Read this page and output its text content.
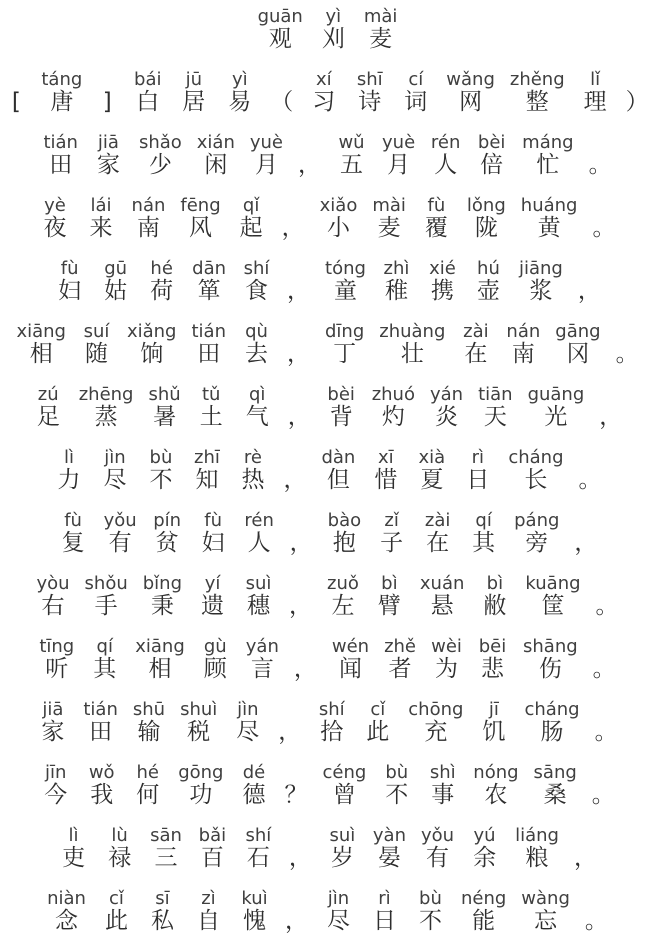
guān
观
yì
刈
mài
麦
[
táng
唐 ]
bái
白
jū
居
yì
易 （
xí
习
shī
诗
cí
词
wǎng
网
zhěng
整
lǐ
理 ）
tián
田
jiā
家
shǎo
少
xián
闲
yuè
月 ，
wǔ
五
yuè
月
rén
人
bèi
倍
máng
忙 。
yè
夜
lái
来
nán
南
fēng
风
qǐ
起 ，
xiǎo
小
mài
麦
fù
覆
lǒng
陇
huáng
黄 。
fù
妇
gū
姑
hé
荷
dān
箪
shí
食 ，
tóng
童
zhì
稚
xié
携
hú
壶
jiāng
浆 ，
xiāng
相
suí
随
xiǎng
饷
tián
田
qù
去 ，
dīng
丁
zhuàng
壮
zài
在
nán
南
gāng
冈 。
zú
足
zhēng
蒸
shǔ
暑
tǔ
土
qì
气 ，
bèi
背
zhuó
灼
yán
炎
tiān
天
guāng
光 ，
lì
力
jìn
尽
bù
不
zhī
知
rè
热 ，
dàn
但
xī
惜
xià
夏
rì
日
cháng
长 。
fù
复
yǒu
有
pín
贫
fù
妇
rén
人 ，
bào
抱
zǐ
子
zài
在
qí
其
páng
旁 ，
yòu
右
shǒu
手
bǐng
秉
yí
遗
suì
穗 ，
zuǒ
左
bì
臂
xuán
悬
bì
敝
kuāng
筐 。
tīng
听
qí
其
xiāng
相
gù
顾
yán
言 ，
wén
闻
zhě
者
wèi
为
bēi
悲
shāng
伤 。
jiā
家
tián
田
shū
输
shuì
税
jìn
尽 ，
shí
拾
cǐ
此
chōng
充
jī
饥
cháng
肠 。
jīn
今
wǒ
我
hé
何
gōng
功
dé
德 ？
céng
曾
bù
不
shì
事
nóng
农
sāng
桑 。
lì
吏
lù
禄
sān
三
bǎi
百
shí
石 ，
suì
岁
yàn
晏
yǒu
有
yú
余
liáng
粮 ，
niàn
念
cǐ
此
sī
私
zì
自
kuì
愧 ，
jìn
尽
rì
日
bù
不
néng
能
wàng
忘 。
